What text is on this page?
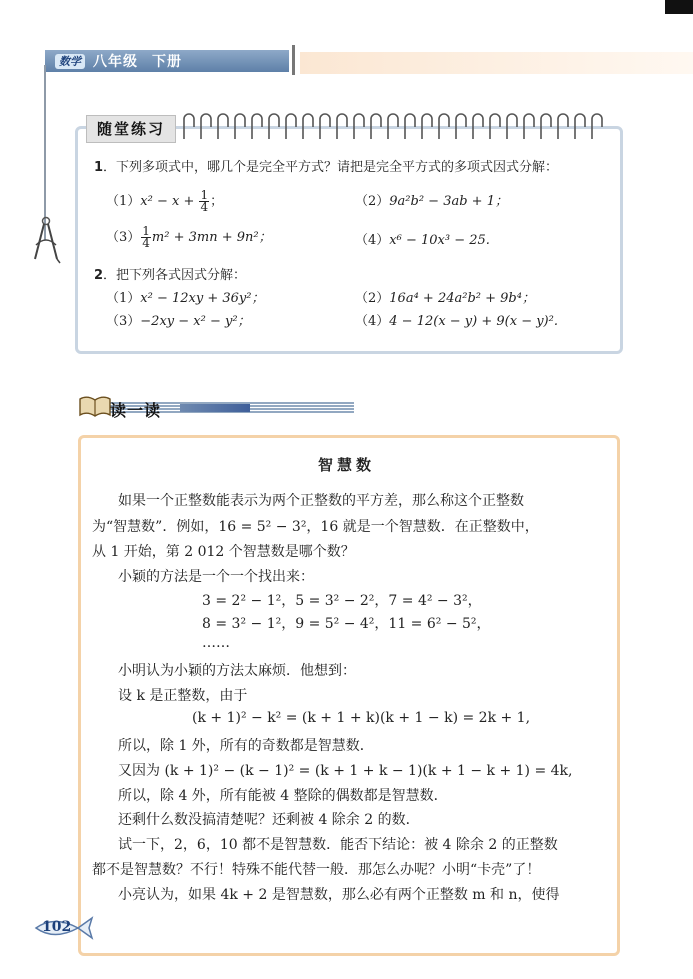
数学 八年级 下册
随堂练习
1．下列多项式中，哪几个是完全平方式？请把是完全平方式的多项式因式分解：
$(1)x^2 - x + \frac{1}{4}$ ；	（2）9a²b² − 3ab + 1；
$(3) \frac{1}{4} m^2 + 3mn + 9n^2$；	（4）x⁶ − 10x³ − 25.
2．把下列各式因式分解：
（1）x² − 12xy + 36y²；	（2）16a⁴ + 24a²b² + 9b⁴；
（3）−2xy − x² − y²；	（4）4 − 12(x − y) + 9(x − y)².
读一读
智慧数
如果一个正整数能表示为两个正整数的平方差，那么称这个正整数
为“智慧数”．例如，16 = 5² − 3²，16 就是一个智慧数．在正整数中，
从 1 开始，第 2 012 个智慧数是哪个数？
小颖的方法是一个一个找出来：
3 = 2² − 1²，5 = 3² − 2²，7 = 4² − 3²，
8 = 3² − 1²，9 = 5² − 4²，11 = 6² − 5²，
……
小明认为小颖的方法太麻烦．他想到：
设 k 是正整数，由于
(k + 1)² − k² = (k + 1 + k)(k + 1 − k) = 2k + 1,
所以，除 1 外，所有的奇数都是智慧数．
又因为 (k + 1)² − (k − 1)² = (k + 1 + k − 1)(k + 1 − k + 1) = 4k,
所以，除 4 外，所有能被 4 整除的偶数都是智慧数．
还剩什么数没搞清楚呢？还剩被 4 除余 2 的数．
试一下，2，6，10 都不是智慧数．能否下结论：被 4 除余 2 的正整数
都不是智慧数？不行！特殊不能代替一般．那怎么办呢？小明“卡壳”了！
小亮认为，如果 4k + 2 是智慧数，那么必有两个正整数 m 和 n，使得
102
